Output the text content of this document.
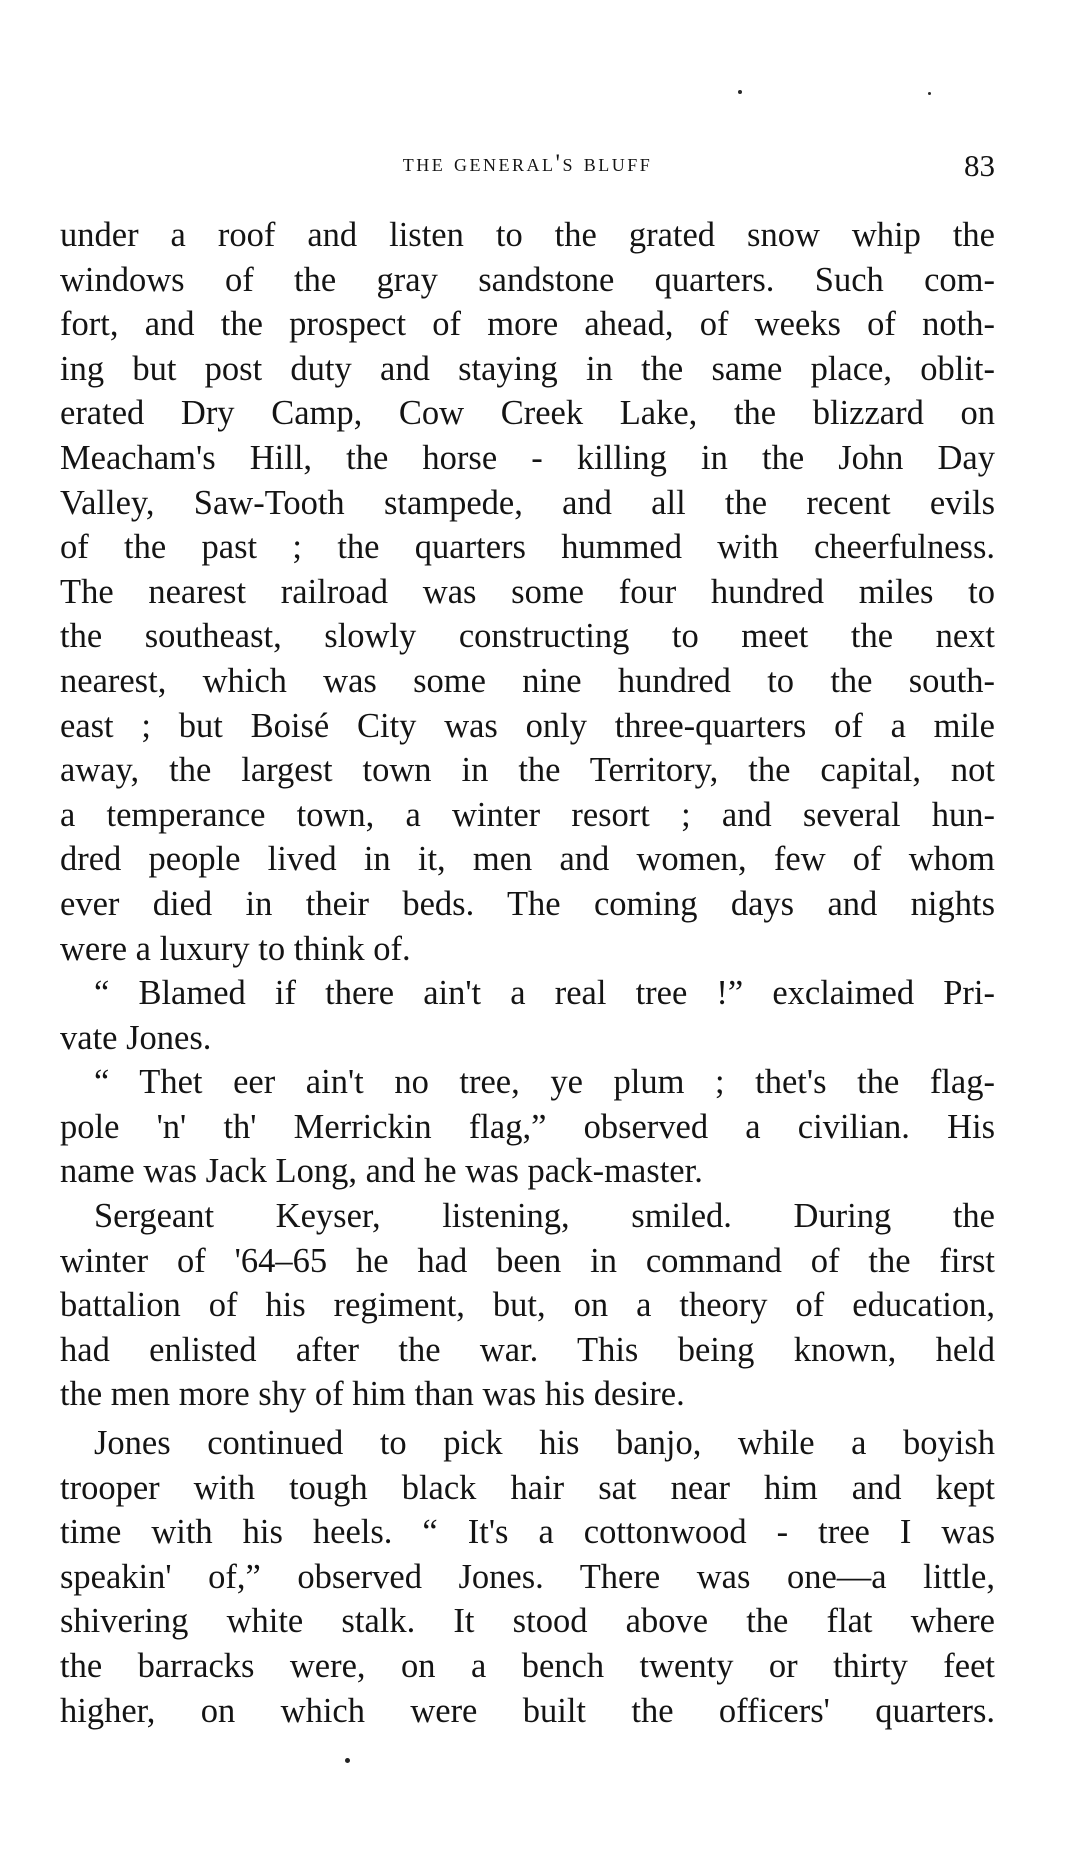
the general's bluff	83
under a roof and listen to the grated snow whip the
windows of the gray sandstone quarters. Such com-
fort, and the prospect of more ahead, of weeks of noth-
ing but post duty and staying in the same place, oblit-
erated Dry Camp, Cow Creek Lake, the blizzard on
Meacham's Hill, the horse - killing in the John Day
Valley, Saw-Tooth stampede, and all the recent evils
of the past ; the quarters hummed with cheerfulness.
The nearest railroad was some four hundred miles to
the southeast, slowly constructing to meet the next
nearest, which was some nine hundred to the south-
east ; but Boisé City was only three-quarters of a mile
away, the largest town in the Territory, the capital, not
a temperance town, a winter resort ; and several hun-
dred people lived in it, men and women, few of whom
ever died in their beds. The coming days and nights
were a luxury to think of.
“ Blamed if there ain't a real tree !” exclaimed Pri-
vate Jones.
“ Thet eer ain't no tree, ye plum ; thet's the flag-
pole 'n' th' Merrickin flag,” observed a civilian. His
name was Jack Long, and he was pack-master.
Sergeant Keyser, listening, smiled. During the
winter of '64–65 he had been in command of the first
battalion of his regiment, but, on a theory of education,
had enlisted after the war. This being known, held
the men more shy of him than was his desire.
Jones continued to pick his banjo, while a boyish
trooper with tough black hair sat near him and kept
time with his heels. “ It's a cottonwood - tree I was
speakin' of,” observed Jones. There was one—a little,
shivering white stalk. It stood above the flat where
the barracks were, on a bench twenty or thirty feet
higher, on which were built the officers' quarters.
